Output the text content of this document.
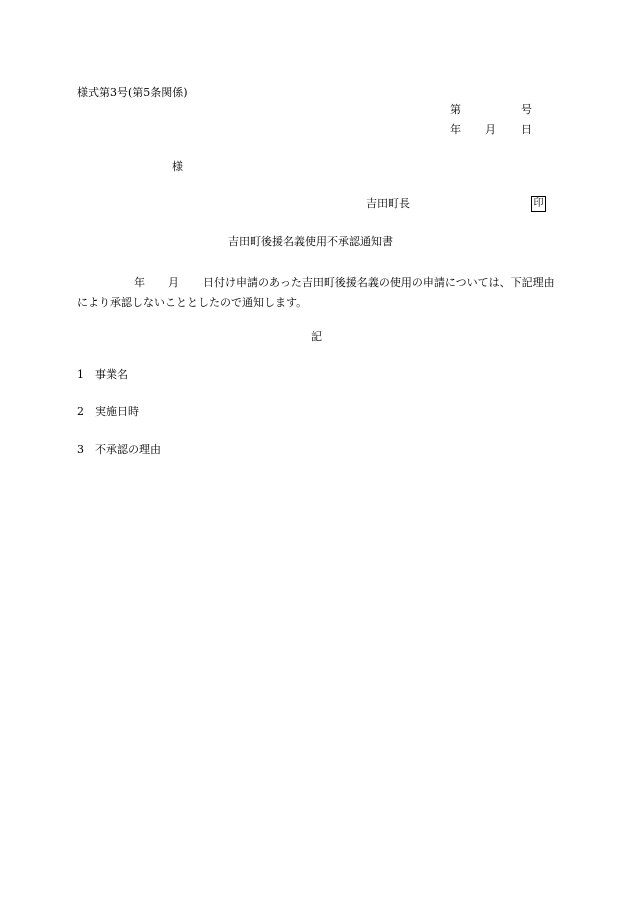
様式第3号(第5条関係)
第	号
年 月 日
様
吉田町長	印
吉田町後援名義使用不承認通知書
年 月 日付け申請のあった吉田町後援名義の使用の申請については、下記理由により承認しないこととしたので通知します。
記
1 事業名
2 実施日時
3 不承認の理由
